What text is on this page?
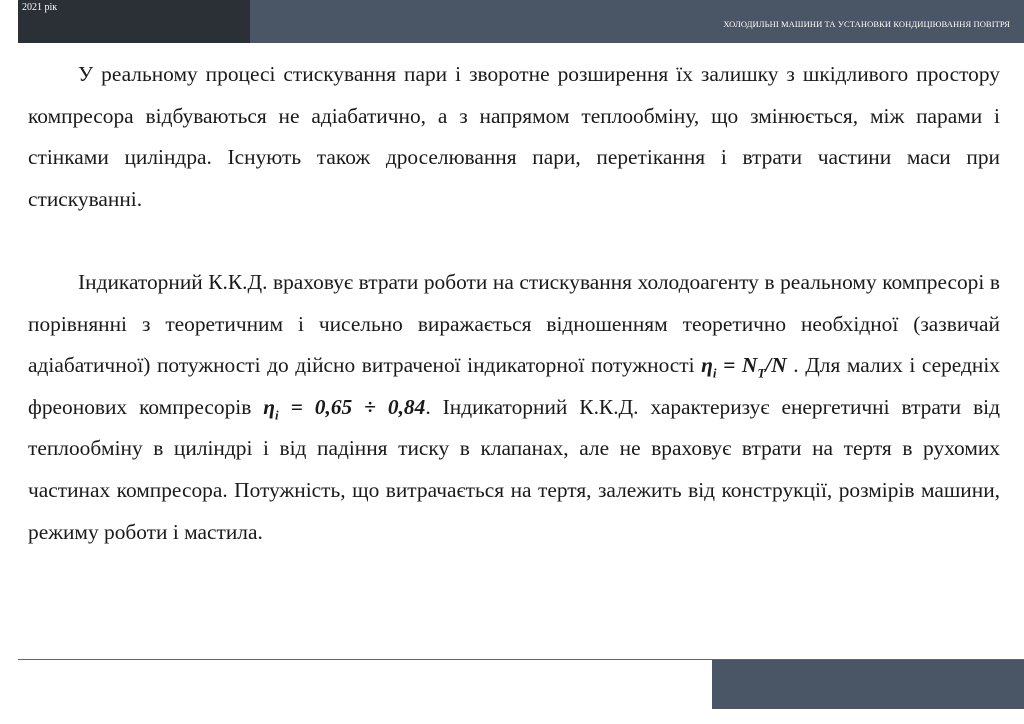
2021 рік
ХОЛОДИЛЬНІ МАШИНИ ТА УСТАНОВКИ КОНДИЦІЮВАННЯ ПОВІТРЯ

У реальному процесі стискування пари і зворотне розширення їх залишку з шкідливого простору компресора відбуваються не адіабатично, а з напрямом теплообміну, що змінюється, між парами і стінками циліндра. Існують також дроселювання пари, перетікання і втрати частини маси при стискуванні.

Індикаторний К.К.Д. враховує втрати роботи на стискування холодоагенту в реальному компресорі в порівнянні з теоретичним і чисельно виражається відношенням теоретично необхідної (зазвичай адіабатичної) потужності до дійсно витраченої індикаторної потужності $\eta_i = N_T/N$ . Для малих і середніх фреонових компресорів $\eta_i = 0,65 \div 0,84$. Індикаторний К.К.Д. характеризує енергетичні втрати від теплообміну в циліндрі і від падіння тиску в клапанах, але не враховує втрати на тертя в рухомих частинах компресора. Потужність, що витрачається на тертя, залежить від конструкції, розмірів машини, режиму роботи і мастила.
